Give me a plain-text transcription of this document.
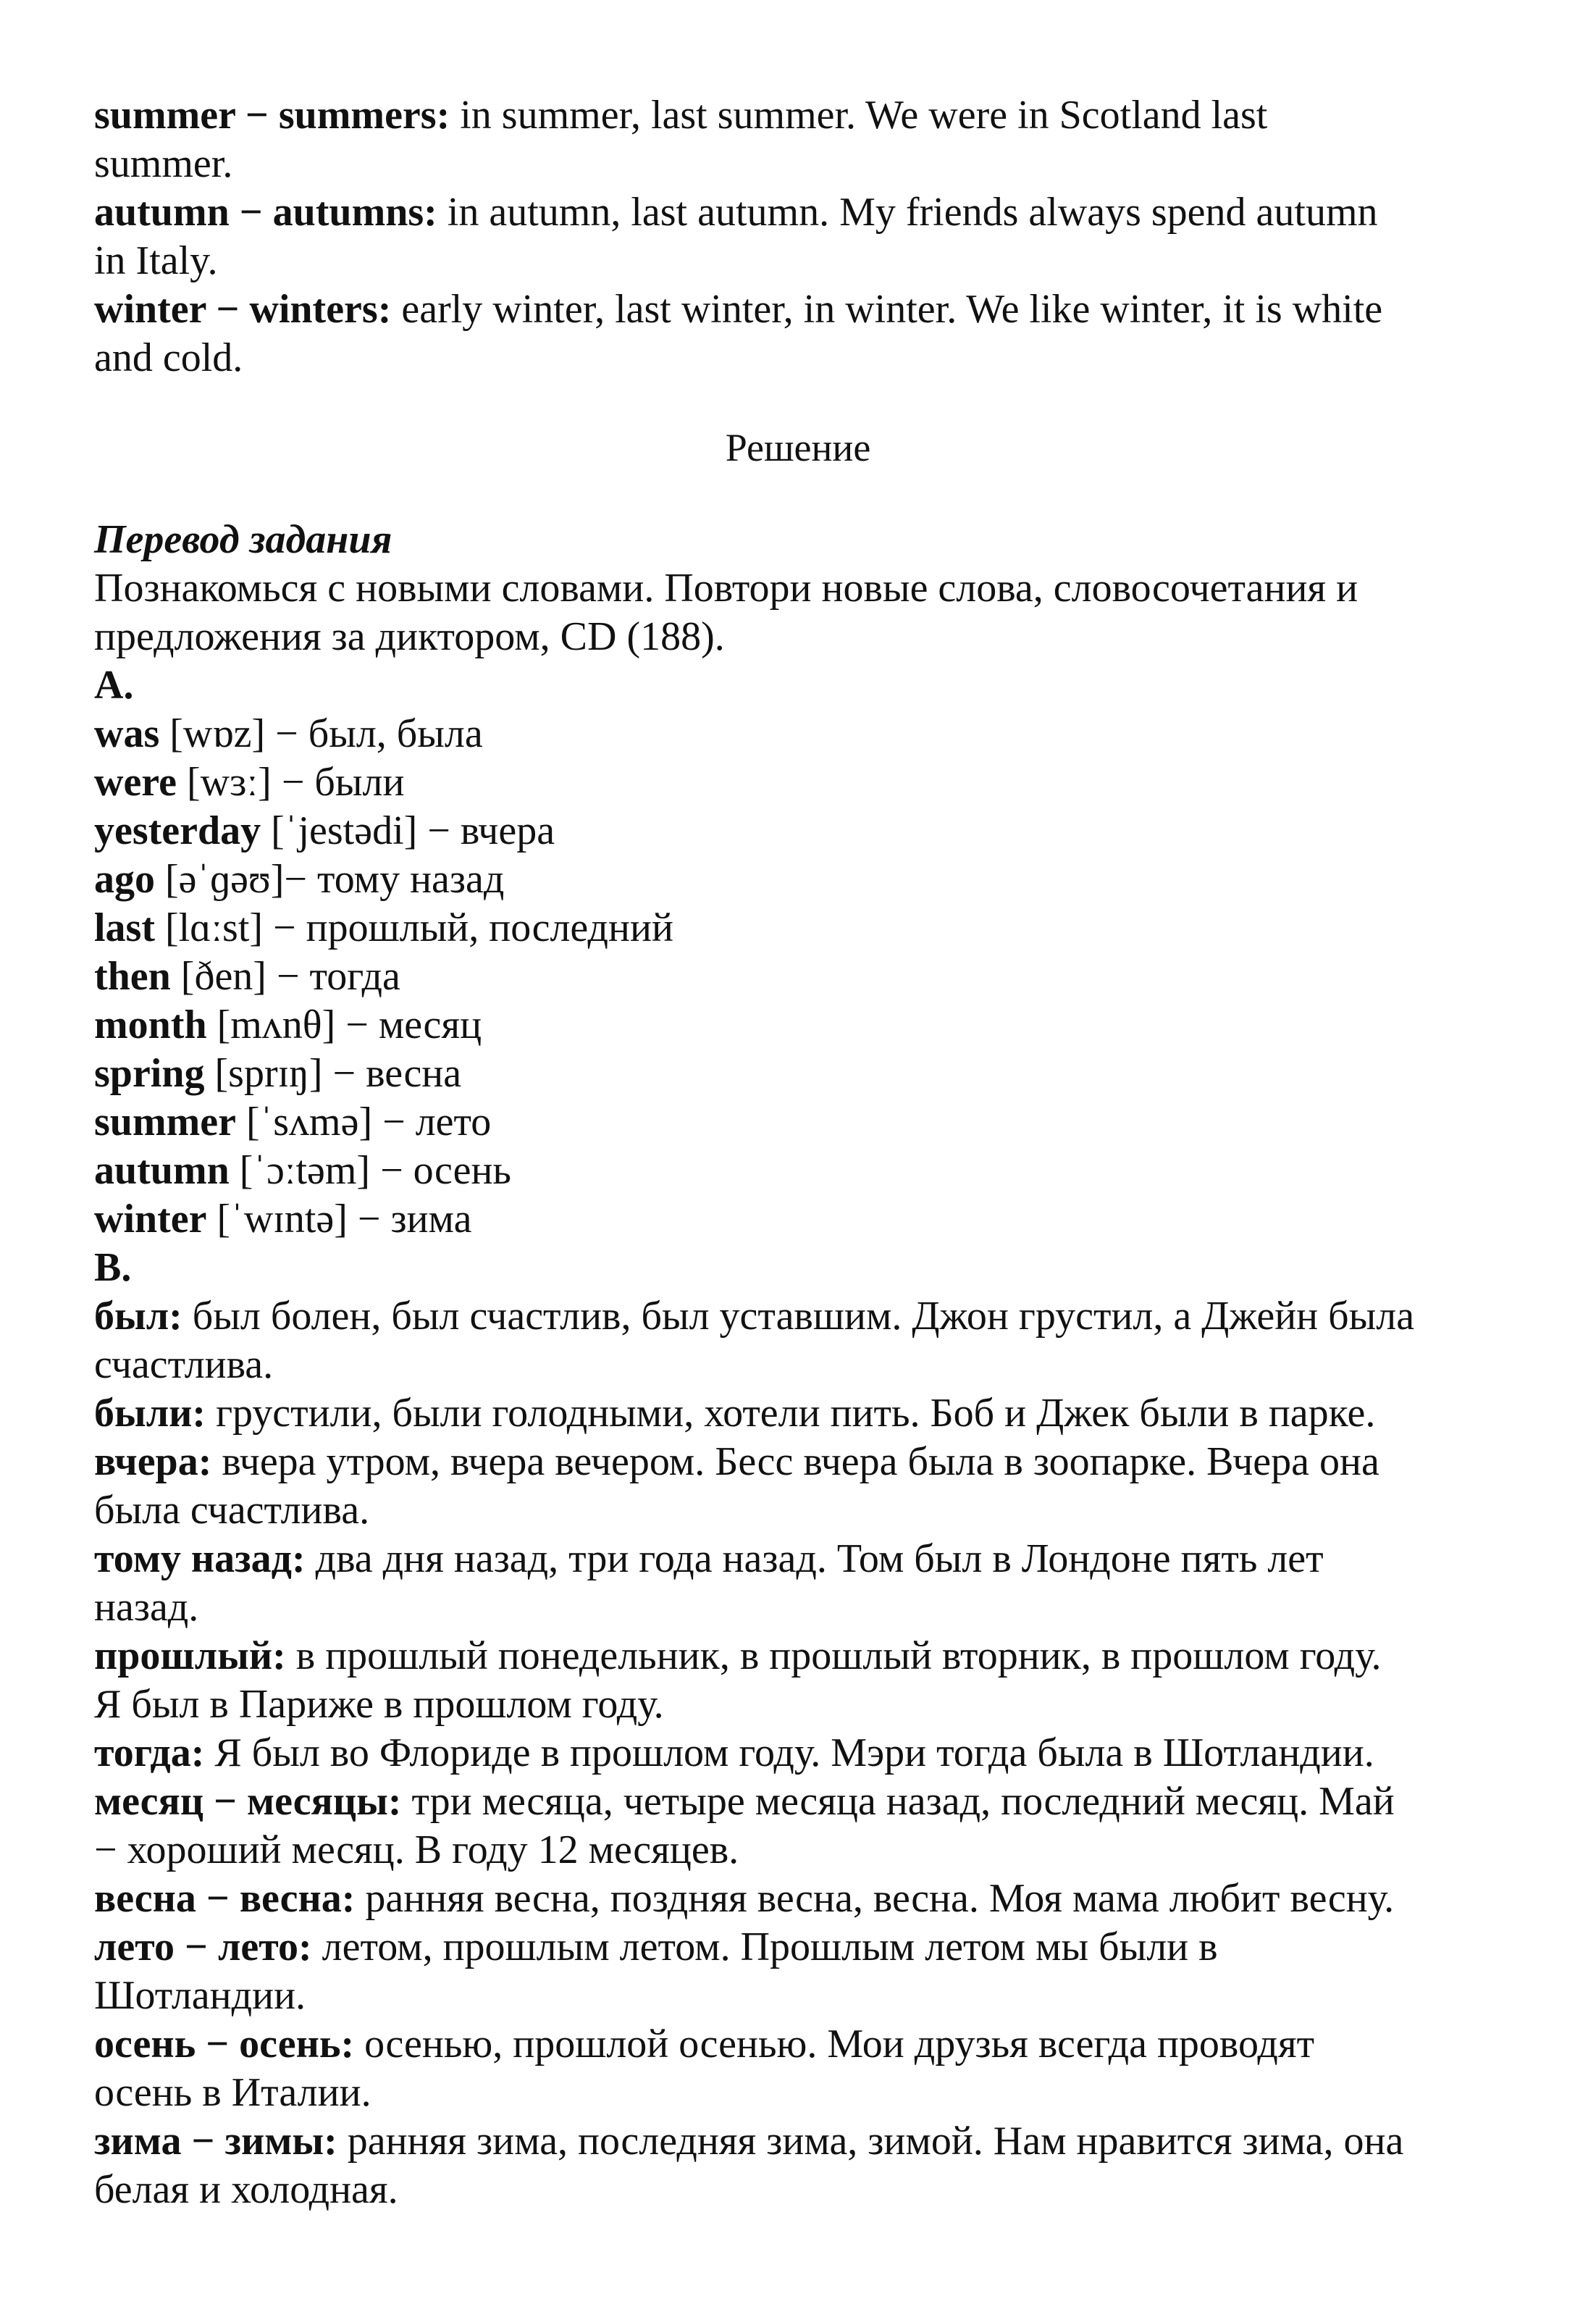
summer − summers: in summer, last summer. We were in Scotland last
summer.
autumn − autumns: in autumn, last autumn. My friends always spend autumn
in Italy.
winter − winters: early winter, last winter, in winter. We like winter, it is white
and cold.
Решение
Перевод задания
Познакомься с новыми словами. Повтори новые слова, словосочетания и
предложения за диктором, CD (188).
A.
was [wɒz] − был, была
were [wɜː] − были
yesterday [ˈjestədi] − вчера
ago [əˈɡəʊ]− тому назад
last [lɑːst] − прошлый, последний
then [ðen] − тогда
month [mʌnθ] − месяц
spring [sprɪŋ] − весна
summer [ˈsʌmə] − лето
autumn [ˈɔːtəm] − осень
winter [ˈwɪntə] − зима
B.
был: был болен, был счастлив, был уставшим. Джон грустил, а Джейн была
счастлива.
были: грустили, были голодными, хотели пить. Боб и Джек были в парке.
вчера: вчера утром, вчера вечером. Бесс вчера была в зоопарке. Вчера она
была счастлива.
тому назад: два дня назад, три года назад. Том был в Лондоне пять лет
назад.
прошлый: в прошлый понедельник, в прошлый вторник, в прошлом году.
Я был в Париже в прошлом году.
тогда: Я был во Флориде в прошлом году. Мэри тогда была в Шотландии.
месяц − месяцы: три месяца, четыре месяца назад, последний месяц. Май
− хороший месяц. В году 12 месяцев.
весна − весна: ранняя весна, поздняя весна, весна. Моя мама любит весну.
лето − лето: летом, прошлым летом. Прошлым летом мы были в
Шотландии.
осень − осень: осенью, прошлой осенью. Мои друзья всегда проводят
осень в Италии.
зима − зимы: ранняя зима, последняя зима, зимой. Нам нравится зима, она
белая и холодная.
